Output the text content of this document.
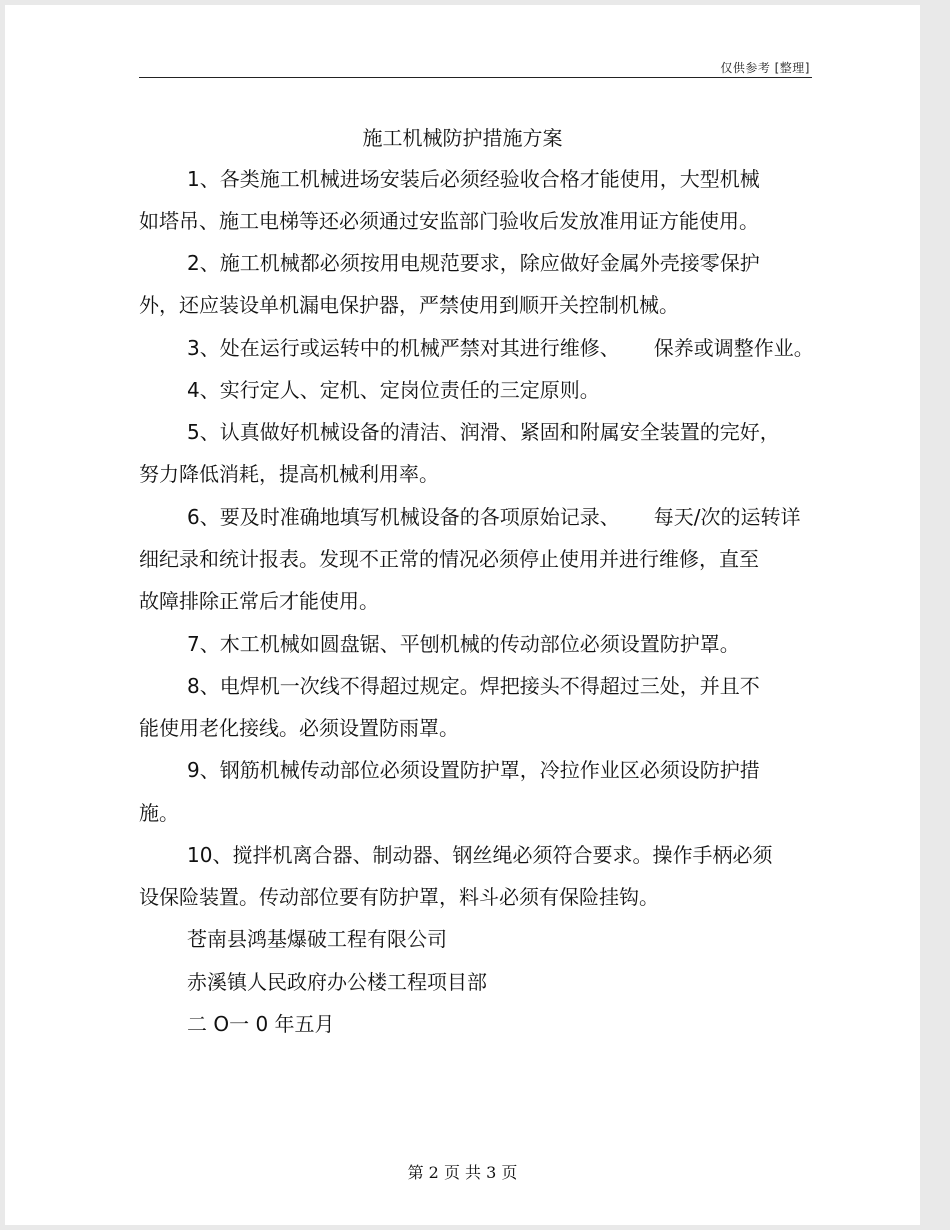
仅供参考 [整理]
施工机械防护措施方案
1、各类施工机械进场安装后必须经验收合格才能使用，大型机械
如塔吊、施工电梯等还必须通过安监部门验收后发放准用证方能使用。
2、施工机械都必须按用电规范要求，除应做好金属外壳接零保护
外，还应装设单机漏电保护器，严禁使用到顺开关控制机械。
3、处在运行或运转中的机械严禁对其进行维修、 保养或调整作业。
4、实行定人、定机、定岗位责任的三定原则。
5、认真做好机械设备的清洁、润滑、紧固和附属安全装置的完好，
努力降低消耗，提高机械利用率。
6、要及时准确地填写机械设备的各项原始记录、 每天/次的运转详
细纪录和统计报表。发现不正常的情况必须停止使用并进行维修，直至
故障排除正常后才能使用。
7、木工机械如圆盘锯、平刨机械的传动部位必须设置防护罩。
8、电焊机一次线不得超过规定。焊把接头不得超过三处，并且不
能使用老化接线。必须设置防雨罩。
9、钢筋机械传动部位必须设置防护罩，冷拉作业区必须设防护措
施。
10、搅拌机离合器、制动器、钢丝绳必须符合要求。操作手柄必须
设保险装置。传动部位要有防护罩，料斗必须有保险挂钩。
苍南县鸿基爆破工程有限公司
赤溪镇人民政府办公楼工程项目部
二 O一 0 年五月
第 2 页 共 3 页
